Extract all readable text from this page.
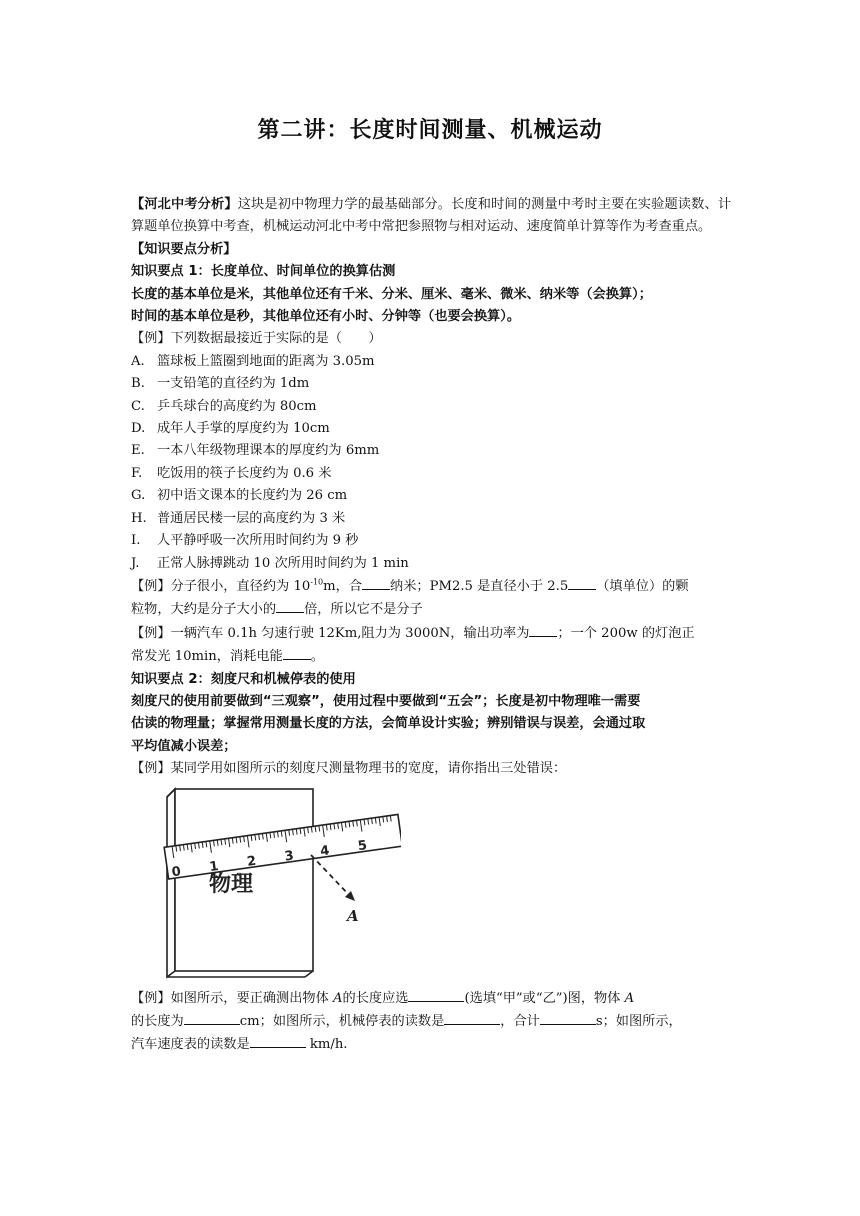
第二讲：长度时间测量、机械运动
【河北中考分析】这块是初中物理力学的最基础部分。长度和时间的测量中考时主要在实验题读数、计算题单位换算中考查，机械运动河北中考中常把参照物与相对运动、速度简单计算等作为考查重点。
【知识要点分析】
知识要点 1：长度单位、时间单位的换算估测
长度的基本单位是米，其他单位还有千米、分米、厘米、毫米、微米、纳米等（会换算）；
时间的基本单位是秒，其他单位还有小时、分钟等（也要会换算）。
【例】下列数据最接近于实际的是（　　）
A. 篮球板上篮圈到地面的距离为 3.05m
B. 一支铅笔的直径约为 1dm
C. 乒乓球台的高度约为 80cm
D. 成年人手掌的厚度约为 10cm
E. 一本八年级物理课本的厚度约为 6mm
F. 吃饭用的筷子长度约为 0.6 米
G. 初中语文课本的长度约为 26 cm
H. 普通居民楼一层的高度约为 3 米
I. 人平静呼吸一次所用时间约为 9 秒
J. 正常人脉搏跳动 10 次所用时间约为 1 min
【例】分子很小，直径约为 $10^{-10}m$，合 纳米；PM2.5 是直径小于 2.5 （填单位）的颗
粒物，大约是分子大小的 倍，所以它不是分子
【例】一辆汽车 0.1h 匀速行驶 12Km,阻力为 3000N，输出功率为 ；一个 200w 的灯泡正
常发光 10min，消耗电能 。
知识要点 2：刻度尺和机械停表的使用
刻度尺的使用前要做到“三观察”，使用过程中要做到“五会”；长度是初中物理唯一需要
估读的物理量；掌握常用测量长度的方法，会简单设计实验；辨别错误与误差，会通过取
平均值减小误差；
【例】某同学用如图所示的刻度尺测量物理书的宽度，请你指出三处错误：
物理
0 1 2 3 4 5
A
【例】如图所示，要正确测出物体 A的长度应选	(选填“甲”或“乙”)图，物体 A
的长度为	cm；如图所示，机械停表的读数是	，合计	s；如图所示，
汽车速度表的读数是	km/h.
